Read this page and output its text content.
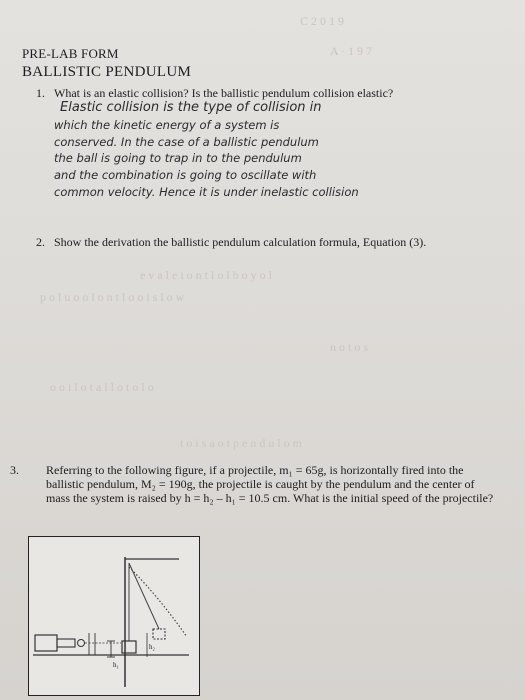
C 2 0 1 9
A · 1 9 7
e v a l e i o n t l o l b o y o l
p o l u o o l o n t l o o i s l o w
n o t o s
o o i l o t a l l o t o l o
t o i s a o t p e n d u l o m
PRE-LAB FORM
BALLISTIC PENDULUM
1. What is an elastic collision? Is the ballistic pendulum collision elastic?
Elastic collision is the type of collision in
which the kinetic energy of a system is
conserved. In the case of a ballistic pendulum
the ball is going to trap in to the pendulum
and the combination is going to oscillate with
common velocity. Hence it is under inelastic collision
2. Show the derivation the ballistic pendulum calculation formula, Equation (3).
3. Referring to the following figure, if a projectile, m₁ = 65g, is horizontally fired into the ballistic pendulum, M₂ = 190g, the projectile is caught by the pendulum and the center of mass the system is raised by h = h₂ – h₁ = 10.5 cm. What is the initial speed of the projectile?
h₁
h₂
